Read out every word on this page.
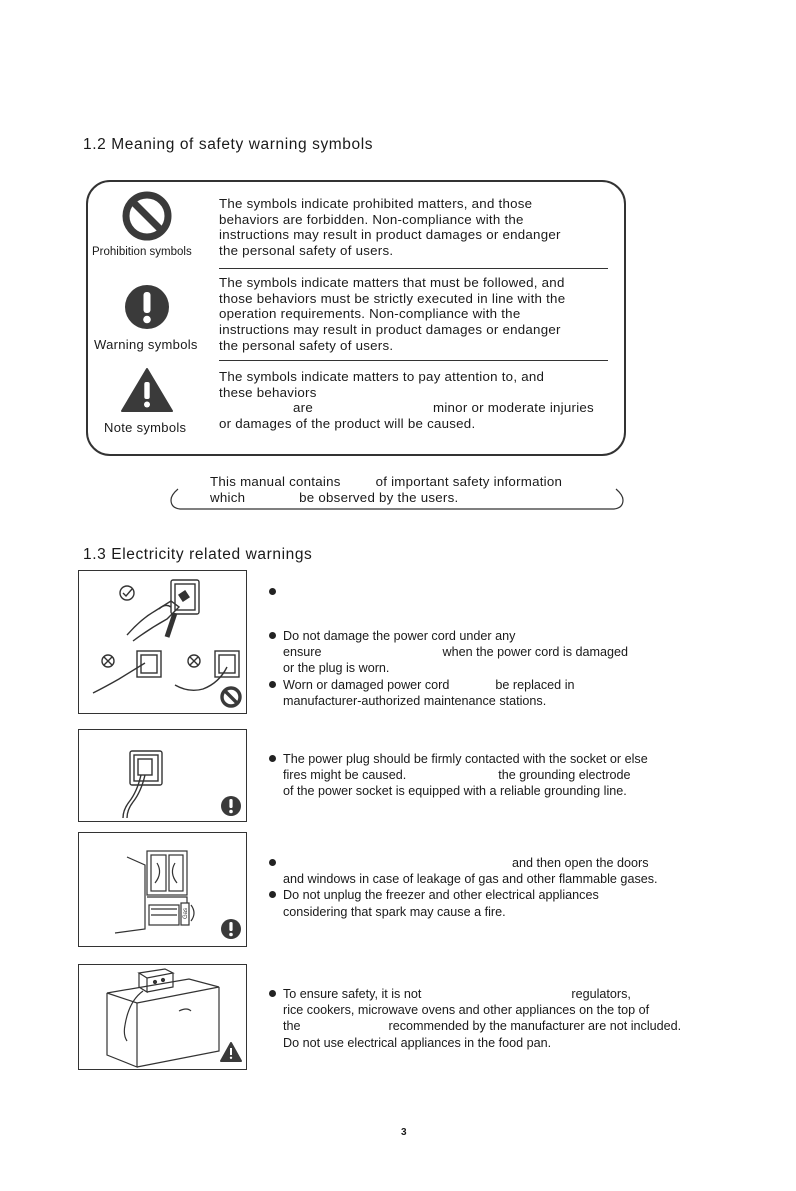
1.2 Meaning of safety warning symbols
Prohibition symbols
The symbols indicate prohibited matters, and those
behaviors are forbidden. Non-compliance with the
instructions may result in product damages or endanger
the personal safety of users.
Warning symbols
The symbols indicate matters that must be followed, and
those behaviors must be strictly executed in line with the
operation requirements. Non-compliance with the
instructions may result in product damages or endanger
the personal safety of users.
Note symbols
The symbols indicate matters to pay attention to, and
these behaviors
are	minor or moderate injuries
or damages of the product will be caused.
This manual contains	of important safety information
which	be observed by the users.
1.3 Electricity related warnings
Do not damage the power cord under any
ensure	when the power cord is damaged
or the plug is worn.
Worn or damaged power cord	be replaced in
manufacturer-authorized maintenance stations.
The power plug should be firmly contacted with the socket or else
fires might be caused.	the grounding electrode
of the power socket is equipped with a reliable grounding line.
Gas
and then open the doors
and windows in case of leakage of gas and other flammable gases.
Do not unplug the freezer and other electrical appliances
considering that spark may cause a fire.
To ensure safety, it is not	regulators,
rice cookers, microwave ovens and other appliances on the top of
the	recommended by the manufacturer are not included.
Do not use electrical appliances in the food pan.
3
